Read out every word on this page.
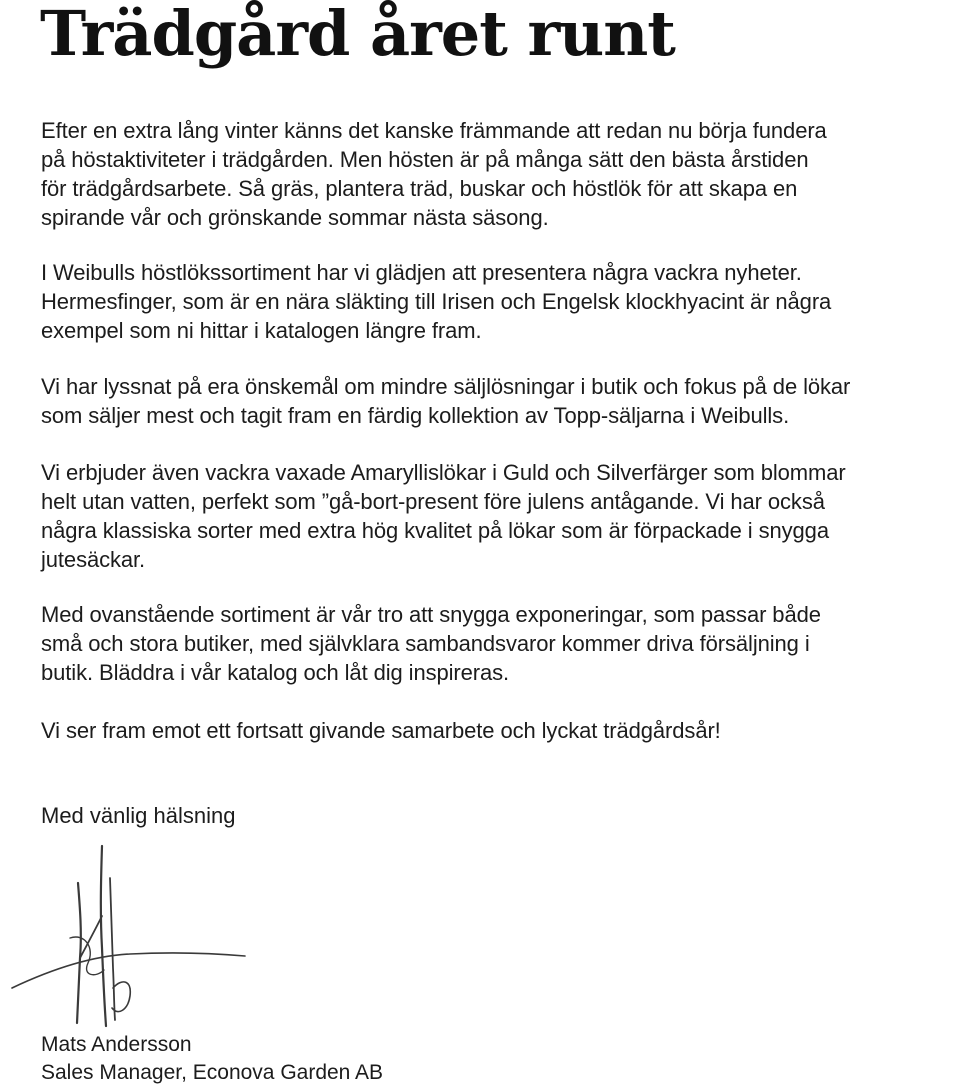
Trädgård året runt

Efter en extra lång vinter känns det kanske främmande att redan nu börja fundera
på höstaktiviteter i trädgården. Men hösten är på många sätt den bästa årstiden
för trädgårdsarbete. Så gräs, plantera träd, buskar och höstlök för att skapa en
spirande vår och grönskande sommar nästa säsong.

I Weibulls höstlökssortiment har vi glädjen att presentera några vackra nyheter.
Hermesfinger, som är en nära släkting till Irisen och Engelsk klockhyacint är några
exempel som ni hittar i katalogen längre fram.

Vi har lyssnat på era önskemål om mindre säljlösningar i butik och fokus på de lökar
som säljer mest och tagit fram en färdig kollektion av Topp-säljarna i Weibulls.

Vi erbjuder även vackra vaxade Amaryllislökar i Guld och Silverfärger som blommar
helt utan vatten, perfekt som ”gå-bort-present före julens antågande. Vi har också
några klassiska sorter med extra hög kvalitet på lökar som är förpackade i snygga
jutesäckar.

Med ovanstående sortiment är vår tro att snygga exponeringar, som passar både
små och stora butiker, med självklara sambandsvaror kommer driva försäljning i
butik. Bläddra i vår katalog och låt dig inspireras.

Vi ser fram emot ett fortsatt givande samarbete och lyckat trädgårdsår!

Med vänlig hälsning

Mats Andersson

Sales Manager, Econova Garden AB
